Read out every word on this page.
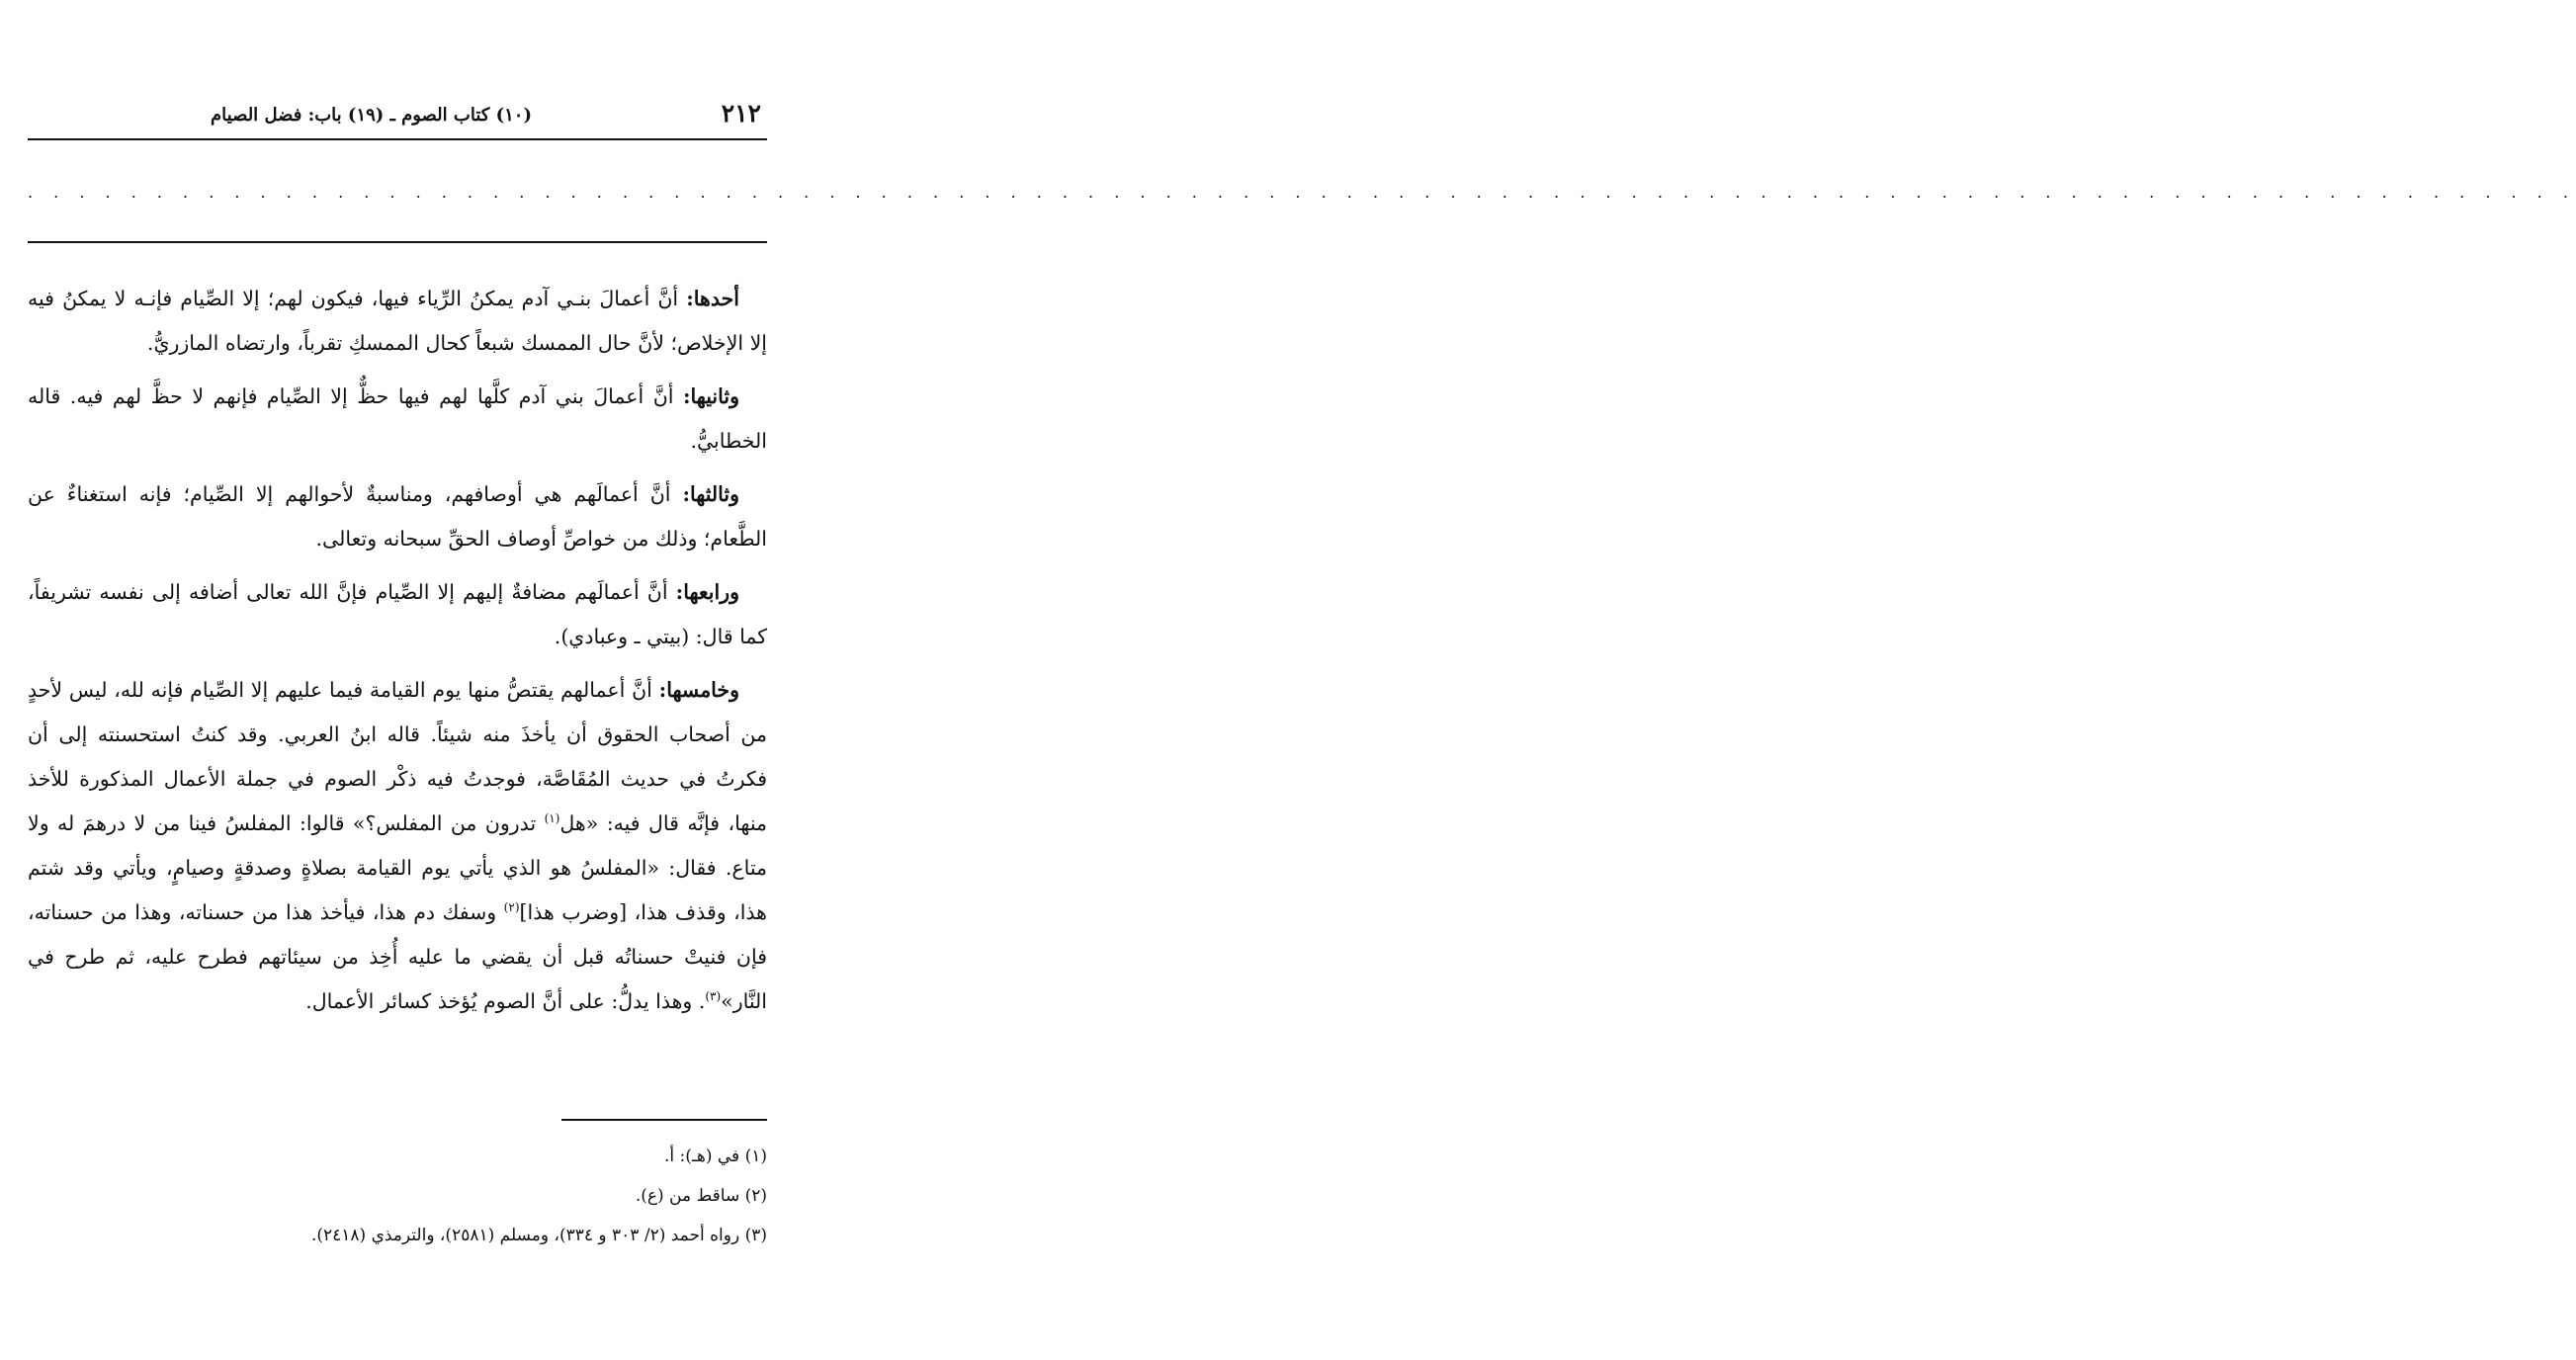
٢١٢
(١٠) كتاب الصوم ـ (١٩) باب: فضل الصيام
. . . . . . . . . . . . . . . . . . . . . . . . . . . . . . . . . . . . . . . . . . . . . . . . . . . . . . . . . . . . . . . . . . . . . . . . . . . . . . . . . . . . . . . . . . . . . . . . . . .

أحدها: أنَّ أعمالَ بنـي آدم يمكنُ الرِّياء فيها، فيكون لهم؛ إلا الصِّيام فإنـه لا يمكنُ فيه إلا الإخلاص؛ لأنَّ حال الممسك شبعاً كحال الممسكِ تقرباً، وارتضاه المازريُّ.

وثانيها: أنَّ أعمالَ بني آدم كلَّها لهم فيها حظٌّ إلا الصِّيام فإنهم لا حظَّ لهم فيه. قاله الخطابيُّ.

وثالثها: أنَّ أعمالَهم هي أوصافهم، ومناسبةٌ لأحوالهم إلا الصِّيام؛ فإنه استغناءٌ عن الطَّعام؛ وذلك من خواصِّ أوصاف الحقِّ سبحانه وتعالى.

ورابعها: أنَّ أعمالَهم مضافةٌ إليهم إلا الصِّيام فإنَّ الله تعالى أضافه إلى نفسه تشريفاً، كما قال: (بيتي ـ وعبادي).

وخامسها: أنَّ أعمالهم يقتصُّ منها يوم القيامة فيما عليهم إلا الصِّيام فإنه لله، ليس لأحدٍ من أصحاب الحقوق أن يأخذَ منه شيئاً. قاله ابنُ العربي. وقد كنتُ استحسنته إلى أن فكرتُ في حديث المُقَاصَّة، فوجدتُ فيه ذكْر الصوم في جملة الأعمال المذكورة للأخذ منها، فإنَّه قال فيه: «هل$^{(١)}$ تدرون من المفلس؟» قالوا: المفلسُ فينا من لا درهمَ له ولا متاع. فقال: «المفلسُ هو الذي يأتي يوم القيامة بصلاةٍ وصدقةٍ وصيامٍ، ويأتي وقد شتم هذا، وقذف هذا، [وضرب هذا]$^{(٢)}$ وسفك دم هذا، فيأخذ هذا من حسناته، وهذا من حسناته، فإن فنيتْ حسناتُه قبل أن يقضي ما عليه أُخِذ من سيئاتهم فطرح عليه، ثم طرح في النَّار»$^{(٣)}$. وهذا يدلُّ: على أنَّ الصوم يُؤخذ كسائر الأعمال.

(١) في (هـ): أ.
(٢) ساقط من (ع).
(٣) رواه أحمد (٢/ ٣٠٣ و ٣٣٤)، ومسلم (٢٥٨١)، والترمذي (٢٤١٨).
